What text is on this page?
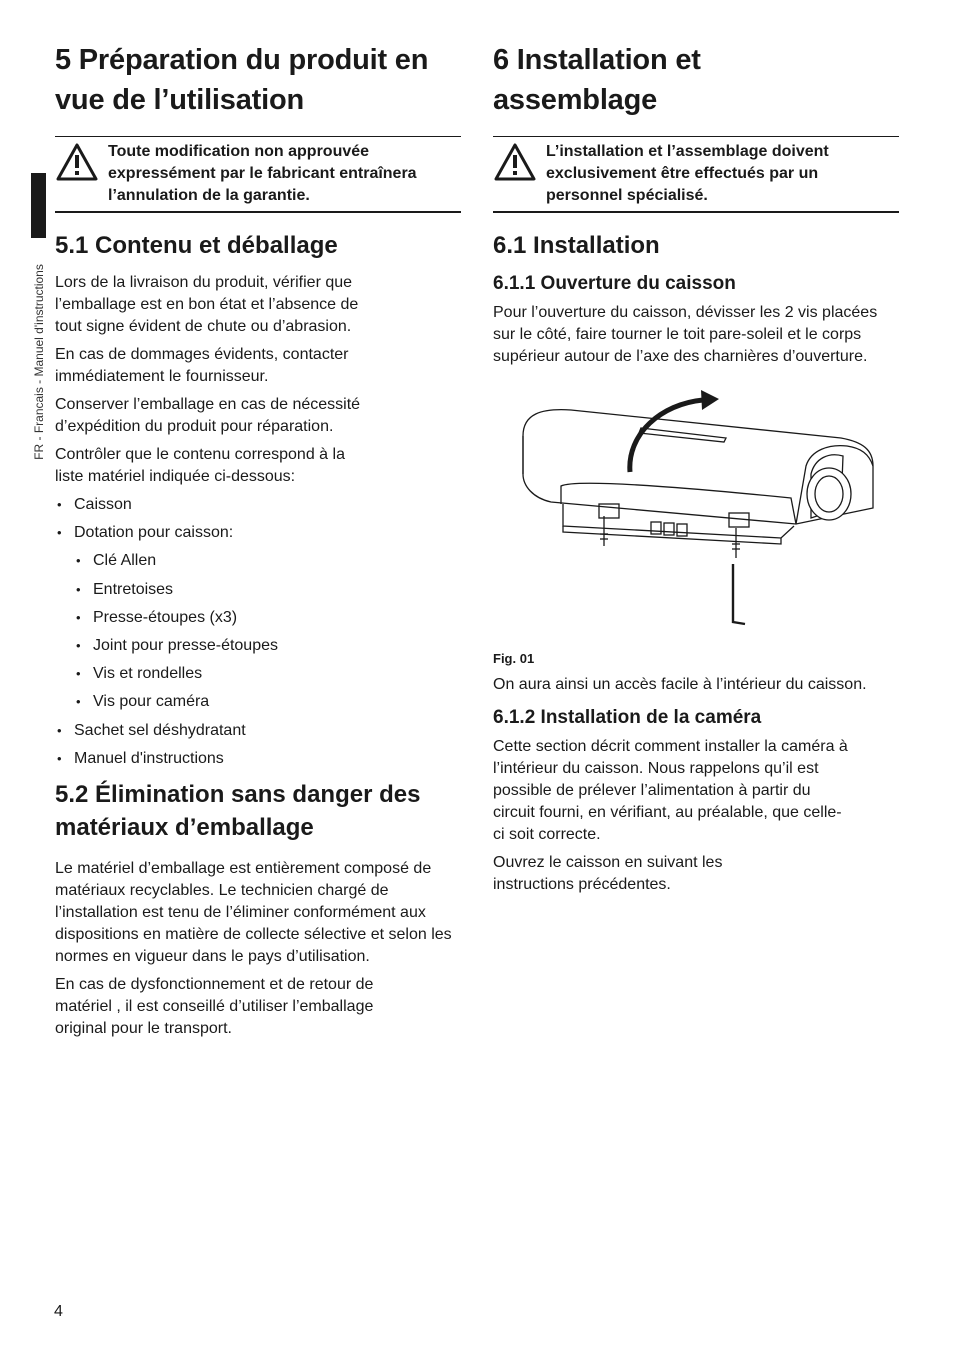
FR - Francais - Manuel d'instructions
5 Préparation du produit en vue de l’utilisation
Toute modification non approuvée expressément par le fabricant entraînera l’annulation de la garantie.
5.1 Contenu et déballage

Lors de la livraison du produit, vérifier que l’emballage est en bon état et l’absence de tout signe évident de chute ou d’abrasion.

En cas de dommages évidents, contacter immédiatement le fournisseur.

Conserver l’emballage en cas de nécessité d’expédition du produit pour réparation.

Contrôler que le contenu correspond à la liste matériel indiquée ci-dessous:

• Caisson
• Dotation pour caisson:
• Clé Allen
• Entretoises
• Presse-étoupes (x3)
• Joint pour presse-étoupes
• Vis et rondelles
• Vis pour caméra
• Sachet sel déshydratant
• Manuel d'instructions
5.2 Élimination sans danger des matériaux d’emballage

Le matériel d’emballage est entièrement composé de matériaux recyclables. Le technicien chargé de l’installation est tenu de l’éliminer conformément aux dispositions en matière de collecte sélective et selon les normes en vigueur dans le pays d’utilisation.

En cas de dysfonctionnement et de retour de matériel , il est conseillé d’utiliser l’emballage original pour le transport.

6 Installation et assemblage
L’installation et l’assemblage doivent exclusivement être effectués par un personnel spécialisé.
6.1 Installation
6.1.1 Ouverture du caisson

Pour l’ouverture du caisson, dévisser les 2 vis placées sur le côté, faire tourner le toit pare-soleil et le corps supérieur autour de l’axe des charnières d’ouverture.

Fig. 01

On aura ainsi un accès facile à l’intérieur du caisson.

6.1.2 Installation de la caméra

Cette section décrit comment installer la caméra à l’intérieur du caisson. Nous rappelons qu’il est possible de prélever l’alimentation à partir du circuit fourni, en vérifiant, au préalable, que celle-ci soit correcte.

Ouvrez le caisson en suivant les instructions précédentes.

4
